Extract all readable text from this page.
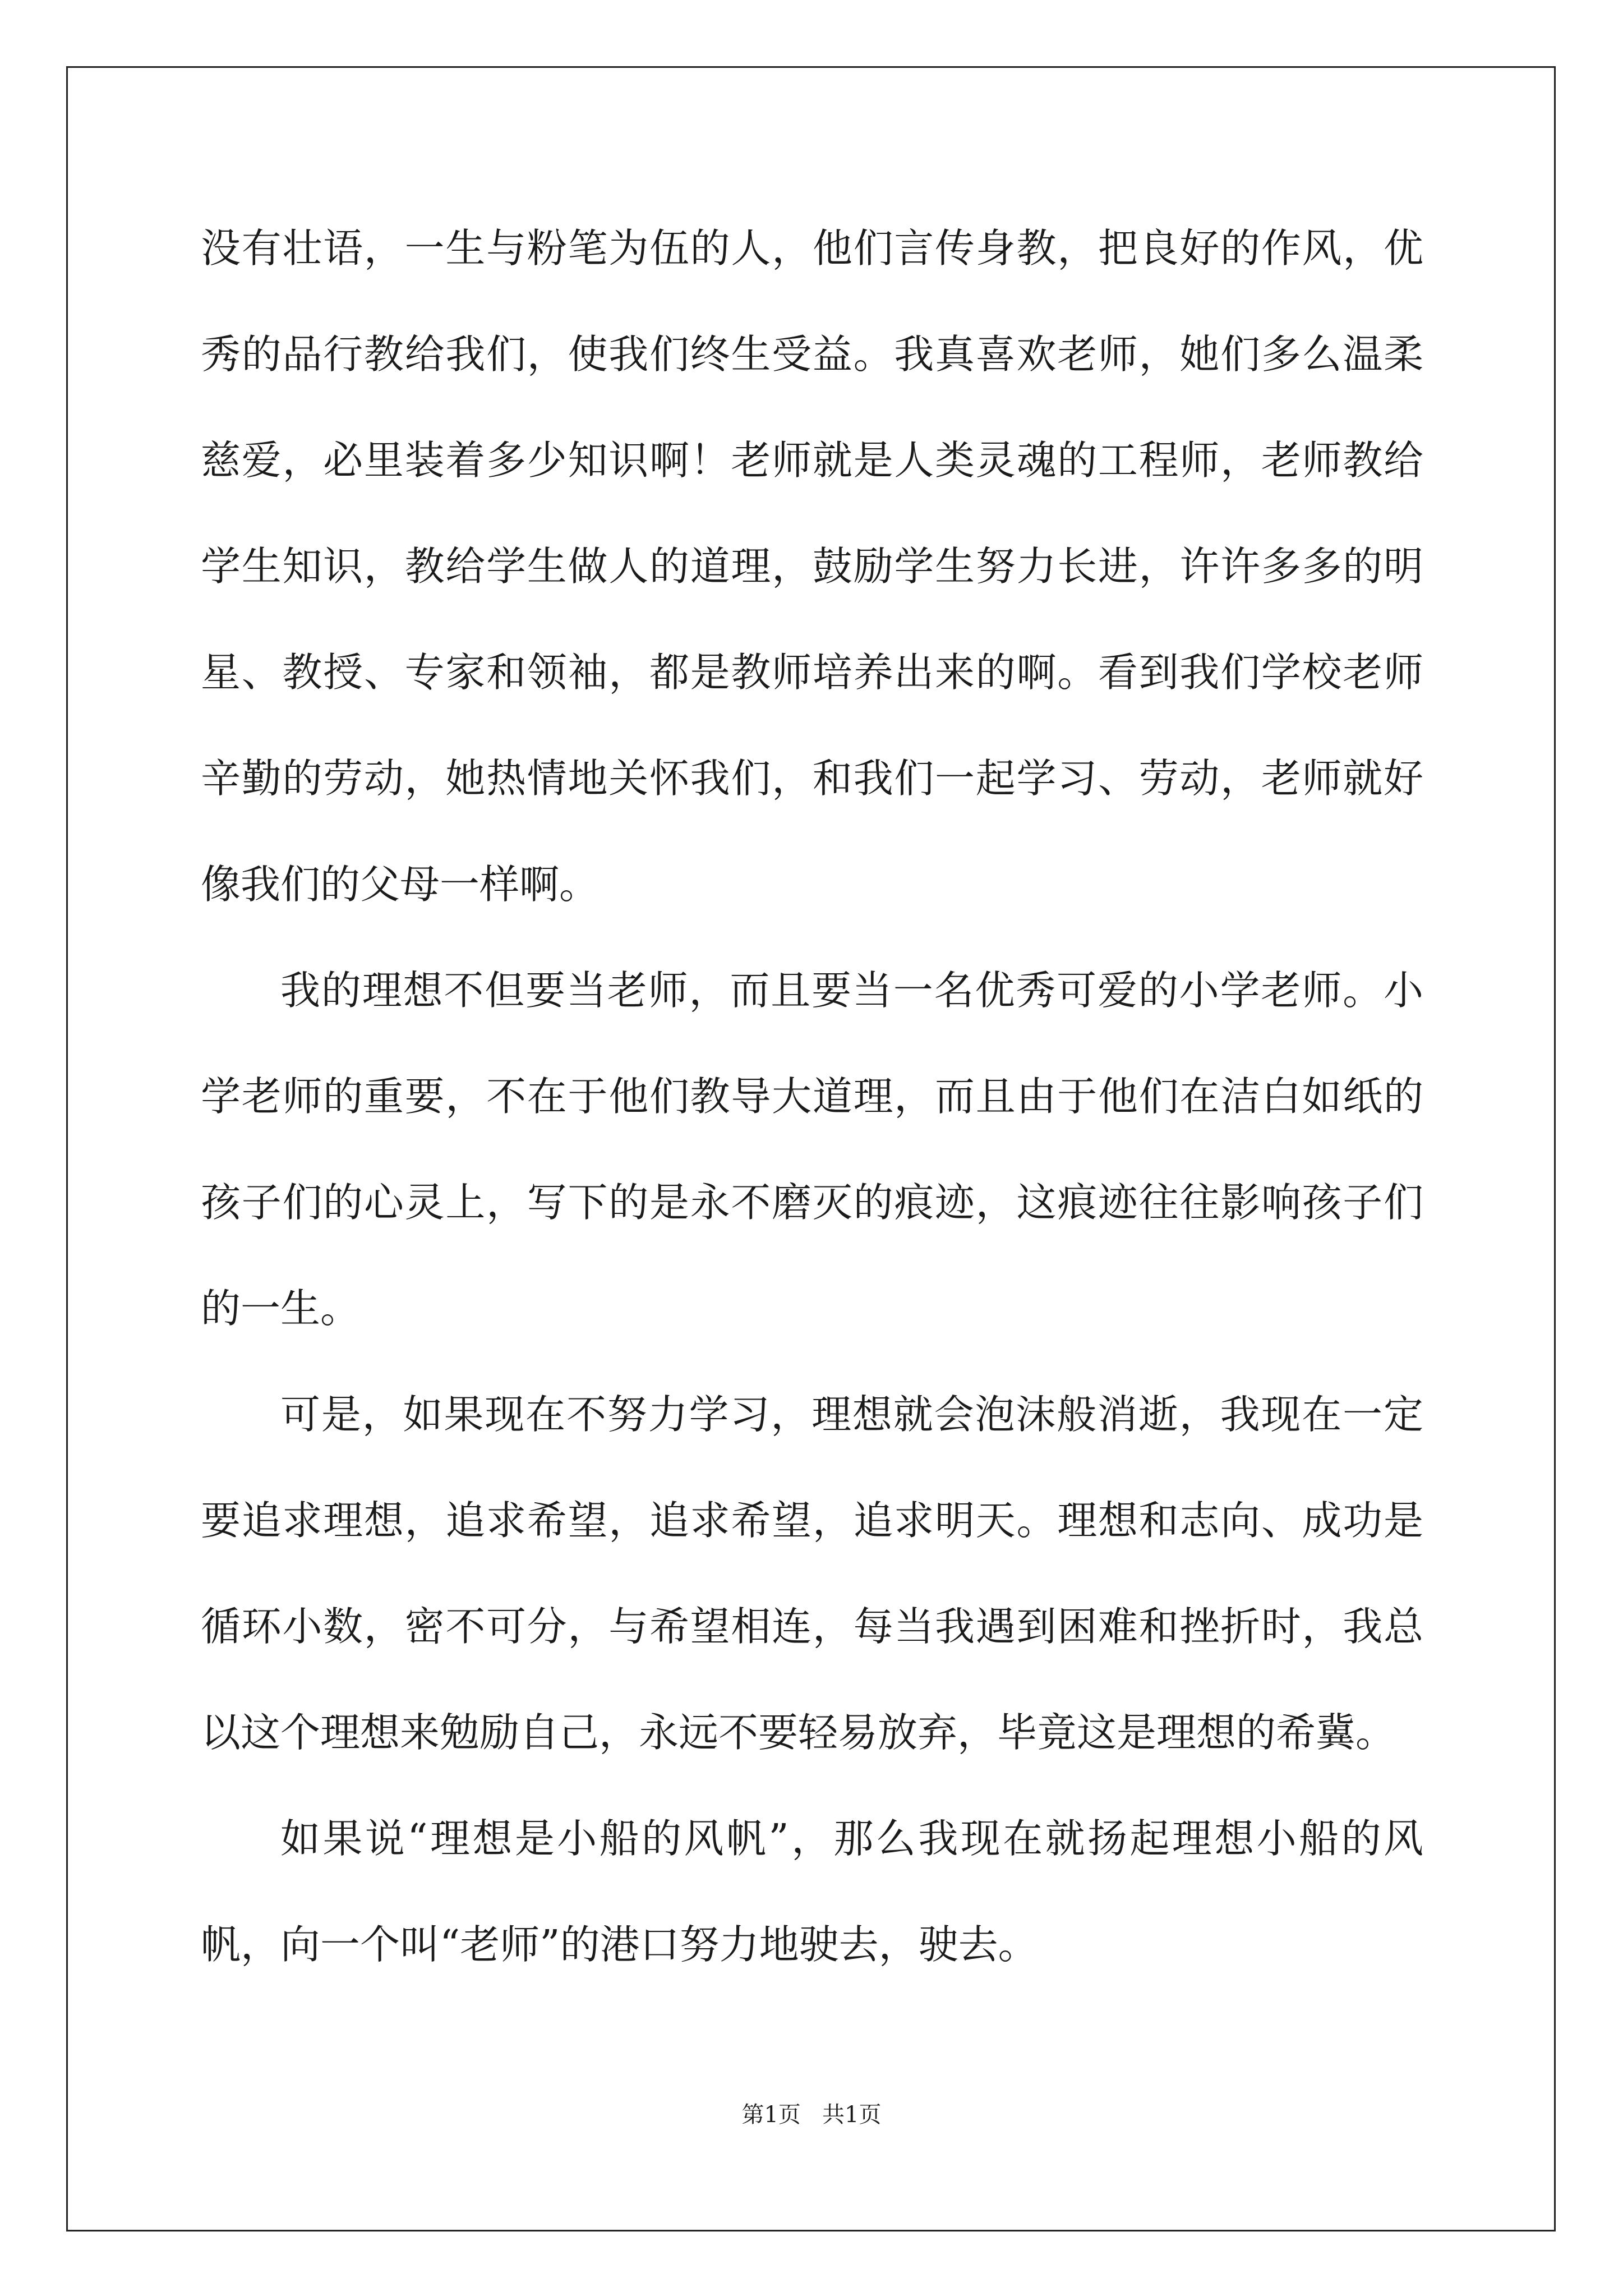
没有壮语，一生与粉笔为伍的人，他们言传身教，把良好的作风，优秀的品行教给我们，使我们终生受益。我真喜欢老师，她们多么温柔慈爱，必里装着多少知识啊！老师就是人类灵魂的工程师，老师教给学生知识，教给学生做人的道理，鼓励学生努力长进，许许多多的明星、教授、专家和领袖，都是教师培养出来的啊。看到我们学校老师辛勤的劳动，她热情地关怀我们，和我们一起学习、劳动，老师就好像我们的父母一样啊。

我的理想不但要当老师，而且要当一名优秀可爱的小学老师。小学老师的重要，不在于他们教导大道理，而且由于他们在洁白如纸的孩子们的心灵上，写下的是永不磨灭的痕迹，这痕迹往往影响孩子们的一生。

可是，如果现在不努力学习，理想就会泡沫般消逝，我现在一定要追求理想，追求希望，追求希望，追求明天。理想和志向、成功是循环小数，密不可分，与希望相连，每当我遇到困难和挫折时，我总以这个理想来勉励自己，永远不要轻易放弃，毕竟这是理想的希冀。

如果说“理想是小船的风帆”，那么我现在就扬起理想小船的风帆，向一个叫“老师”的港口努力地驶去，驶去。

第1页   共1页
